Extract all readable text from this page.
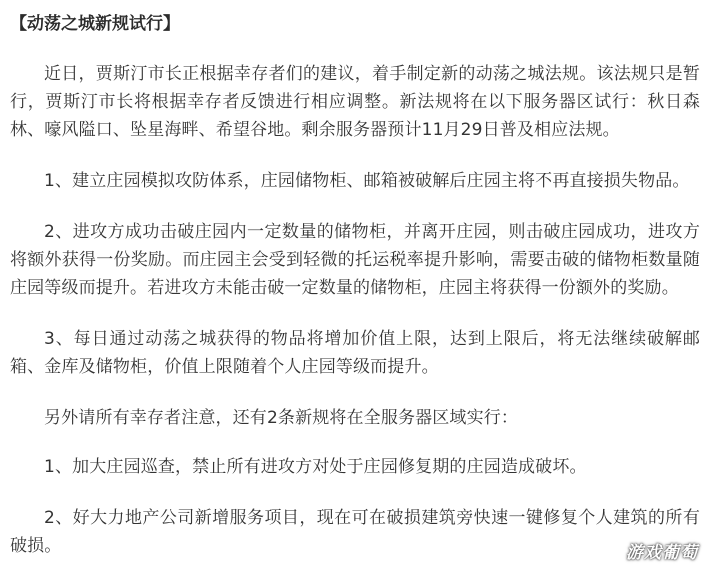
【动荡之城新规试行】

近日，贾斯汀市长正根据幸存者们的建议，着手制定新的动荡之城法规。该法规只是暂行，贾斯汀市长将根据幸存者反馈进行相应调整。新法规将在以下服务器区试行：秋日森林、嚎风隘口、坠星海畔、希望谷地。剩余服务器预计11月29日普及相应法规。

1、建立庄园模拟攻防体系，庄园储物柜、邮箱被破解后庄园主将不再直接损失物品。

2、进攻方成功击破庄园内一定数量的储物柜，并离开庄园，则击破庄园成功，进攻方将额外获得一份奖励。而庄园主会受到轻微的托运税率提升影响，需要击破的储物柜数量随庄园等级而提升。若进攻方未能击破一定数量的储物柜，庄园主将获得一份额外的奖励。

3、每日通过动荡之城获得的物品将增加价值上限，达到上限后，将无法继续破解邮箱、金库及储物柜，价值上限随着个人庄园等级而提升。

另外请所有幸存者注意，还有2条新规将在全服务器区域实行：

1、加大庄园巡查，禁止所有进攻方对处于庄园修复期的庄园造成破坏。

2、好大力地产公司新增服务项目，现在可在破损建筑旁快速一键修复个人建筑的所有破损。	游戏葡萄
